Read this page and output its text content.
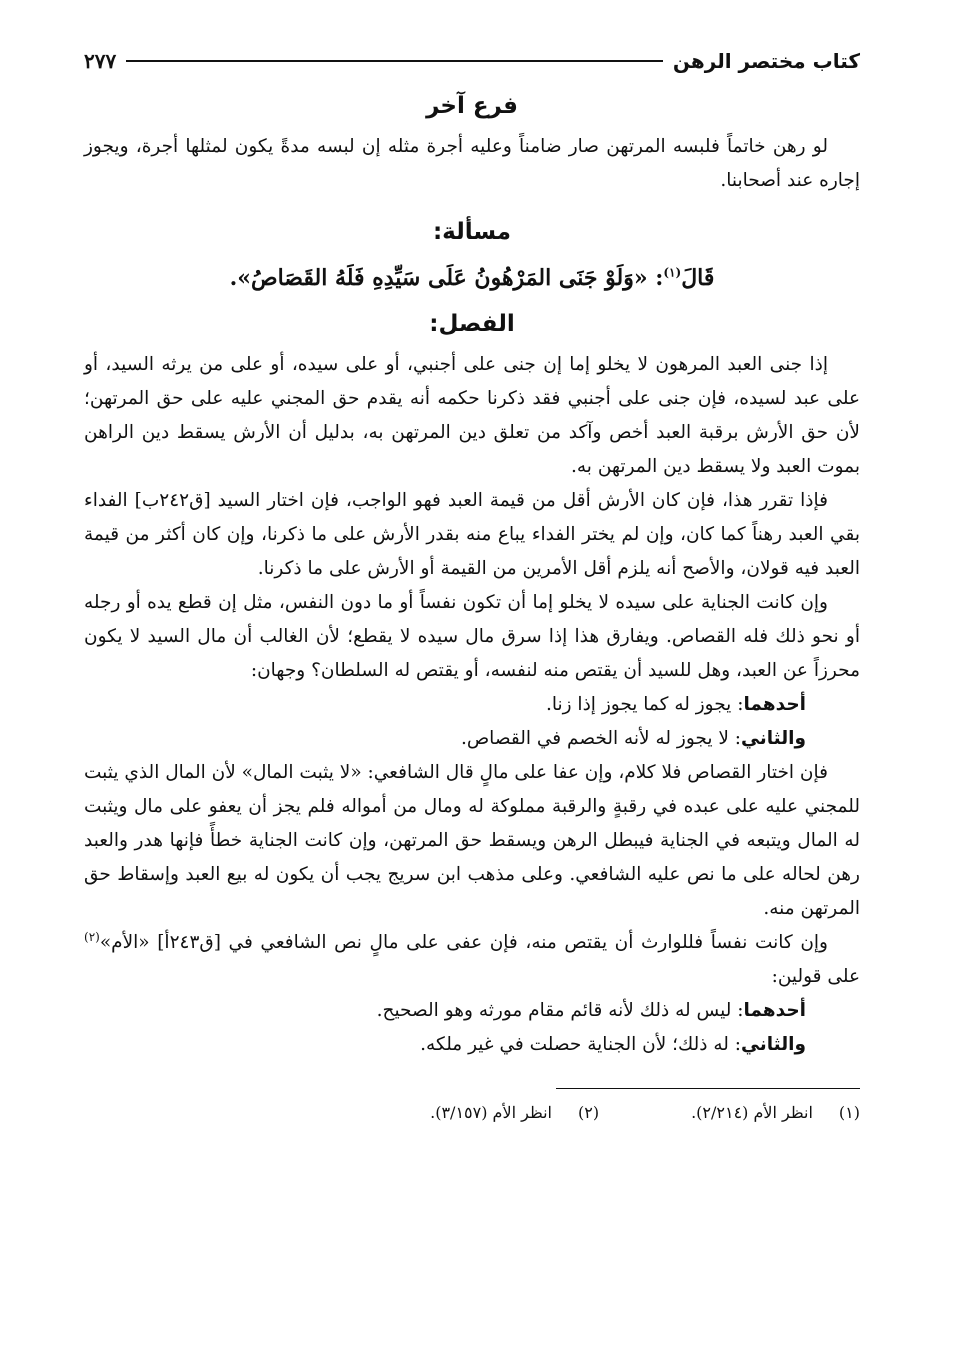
كتاب مختصر الرهن
٢٧٧
فرع آخر

لو رهن خاتماً فلبسه المرتهن صار ضامناً وعليه أجرة مثله إن لبسه مدةً يكون لمثلها أجرة، ويجوز إجاره عند أصحابنا.

مسألة:
قَالَ$^{(١)}$: «وَلَوْ جَنَى المَرْهُونُ عَلَى سَيِّدِهِ فَلَهُ القَصَاصُ».
الفصل:

إذا جنى العبد المرهون لا يخلو إما إن جنى على أجنبي، أو على سيده، أو على من يرثه السيد، أو على عبد لسيده، فإن جنى على أجنبي فقد ذكرنا حكمه أنه يقدم حق المجني عليه على حق المرتهن؛ لأن حق الأرش برقبة العبد أخص وآكد من تعلق دين المرتهن به، بدليل أن الأرش يسقط دين الراهن بموت العبد ولا يسقط دين المرتهن به.

فإذا تقرر هذا، فإن كان الأرش أقل من قيمة العبد فهو الواجب، فإن اختار السيد [ق٢٤٢ب] الفداء بقي العبد رهناً كما كان، وإن لم يختر الفداء يباع منه بقدر الأرش على ما ذكرنا، وإن كان أكثر من قيمة العبد فيه قولان، والأصح أنه يلزم أقل الأمرين من القيمة أو الأرش على ما ذكرنا.

وإن كانت الجناية على سيده لا يخلو إما أن تكون نفساً أو ما دون النفس، مثل إن قطع يده أو رجله أو نحو ذلك فله القصاص. ويفارق هذا إذا سرق مال سيده لا يقطع؛ لأن الغالب أن مال السيد لا يكون محرزاً عن العبد، وهل للسيد أن يقتص منه لنفسه، أو يقتص له السلطان؟ وجهان:

أحدهما: يجوز له كما يجوز إذا زنا.

والثاني: لا يجوز له لأنه الخصم في القصاص.

فإن اختار القصاص فلا كلام، وإن عفا على مالٍ قال الشافعي: «لا يثبت المال» لأن المال الذي يثبت للمجني عليه على عبده في رقبةٍ والرقبة مملوكة له ومال من أمواله فلم يجز أن يعفو على مال ويثبت له المال ويتبعه في الجناية فيبطل الرهن ويسقط حق المرتهن، وإن كانت الجناية خطأً فإنها هدر والعبد رهن لحاله على ما نص عليه الشافعي. وعلى مذهب ابن سريج يجب أن يكون له بيع العبد وإسقاط حق المرتهن منه.

وإن كانت نفساً فللوارث أن يقتص منه، فإن عفى على مالٍ نص الشافعي في [ق٢٤٣أ] «الأم»$^{(٢)}$ على قولين:

أحدهما: ليس له ذلك لأنه قائم مقام مورثه وهو الصحيح.

والثاني: له ذلك؛ لأن الجناية حصلت في غير ملكه.

(١)انظر الأم (٢/٢١٤).
(٢)انظر الأم (٣/١٥٧).
